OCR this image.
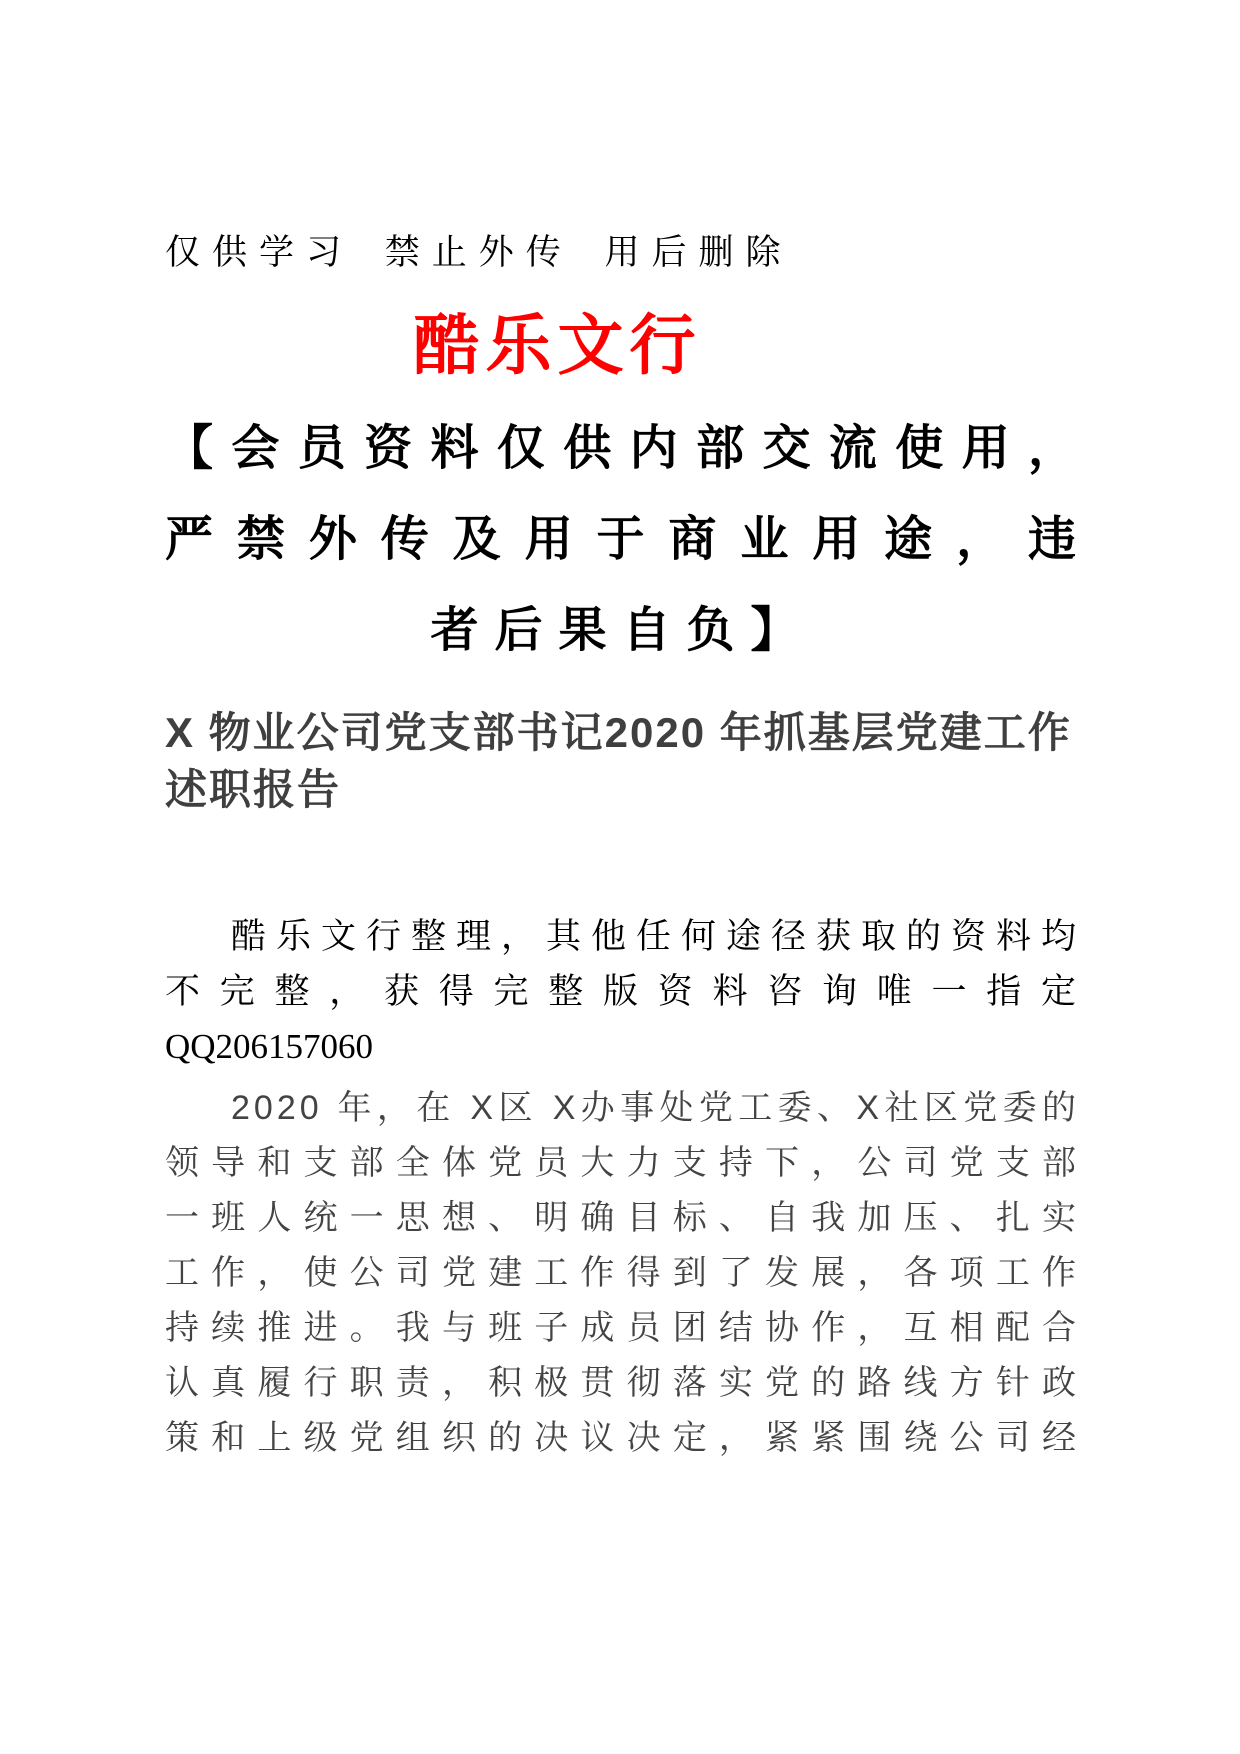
仅供学习 禁止外传 用后删除
酷乐文行
【会员资料仅供内部交流使用，
严禁外传及用于商业用途，违
者后果自负】
X 物业公司党支部书记2020 年抓基层党建工作
述职报告
酷乐文行整理，其他任何途径获取的资料均
不完整，获得完整版资料咨询唯一指定
QQ206157060
2020 年，在 X区 X办事处党工委、X社区党委的
领导和支部全体党员大力支持下，公司党支部
一班人统一思想、明确目标、自我加压、扎实
工作，使公司党建工作得到了发展，各项工作
持续推进。我与班子成员团结协作，互相配合
认真履行职责，积极贯彻落实党的路线方针政
策和上级党组织的决议决定，紧紧围绕公司经
